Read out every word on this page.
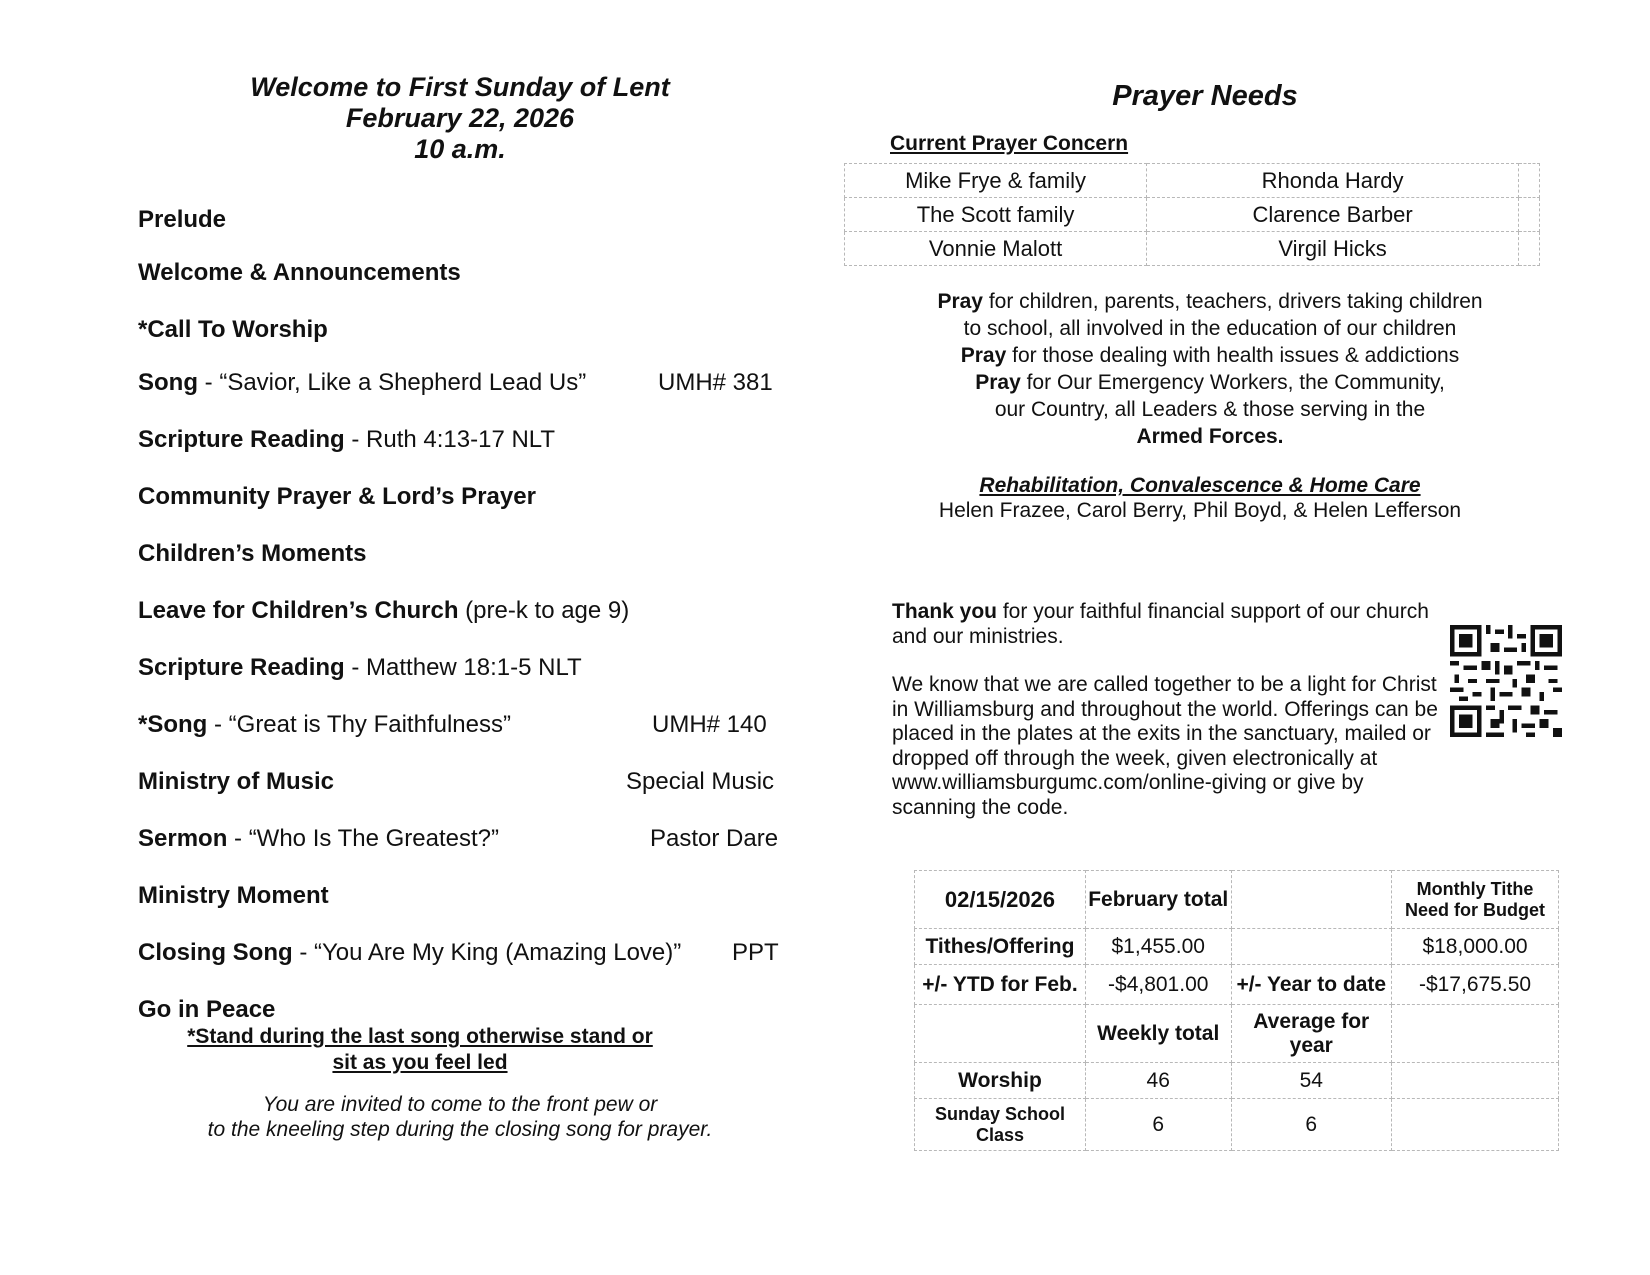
Welcome to First Sunday of Lent
February 22, 2026
10 a.m.
Prelude
Welcome & Announcements
*Call To Worship
Song - “Savior, Like a Shepherd Lead Us”	UMH# 381
Scripture Reading - Ruth 4:13-17 NLT
Community Prayer & Lord’s Prayer
Children’s Moments
Leave for Children’s Church (pre-k to age 9)
Scripture Reading - Matthew 18:1-5 NLT
*Song - “Great is Thy Faithfulness”	UMH# 140
Ministry of Music	Special Music
Sermon - “Who Is The Greatest?”	Pastor Dare
Ministry Moment
Closing Song - “You Are My King (Amazing Love)” PPT
Go in Peace
*Stand during the last song otherwise stand or
sit as you feel led
You are invited to come to the front pew or
to the kneeling step during the closing song for prayer.
Prayer Needs
Current Prayer Concern
Mike Frye & family	Rhonda Hardy	
The Scott family	Clarence Barber	
Vonnie Malott	Virgil Hicks	
Pray for children, parents, teachers, drivers taking children
to school, all involved in the education of our children
Pray for those dealing with health issues & addictions
Pray for Our Emergency Workers, the Community,
our Country, all Leaders & those serving in the
Armed Forces.
Rehabilitation, Convalescence & Home Care
Helen Frazee, Carol Berry, Phil Boyd, & Helen Lefferson

Thank you for your faithful financial support of our church and our ministries.

We know that we are called together to be a light for Christ in Williamsburg and throughout the world. Offerings can be placed in the plates at the exits in the sanctuary, mailed or dropped off through the week, given electronically at www.williamsburgumc.com/online-giving or give by scanning the code.

02/15/2026	February total		Monthly Tithe Need for Budget
Tithes/Offering	$1,455.00		$18,000.00
+/- YTD for Feb.	-$4,801.00	+/- Year to date	-$17,675.50
	Weekly total	Average for year	
Worship	46	54	
Sunday School Class	6	6	
